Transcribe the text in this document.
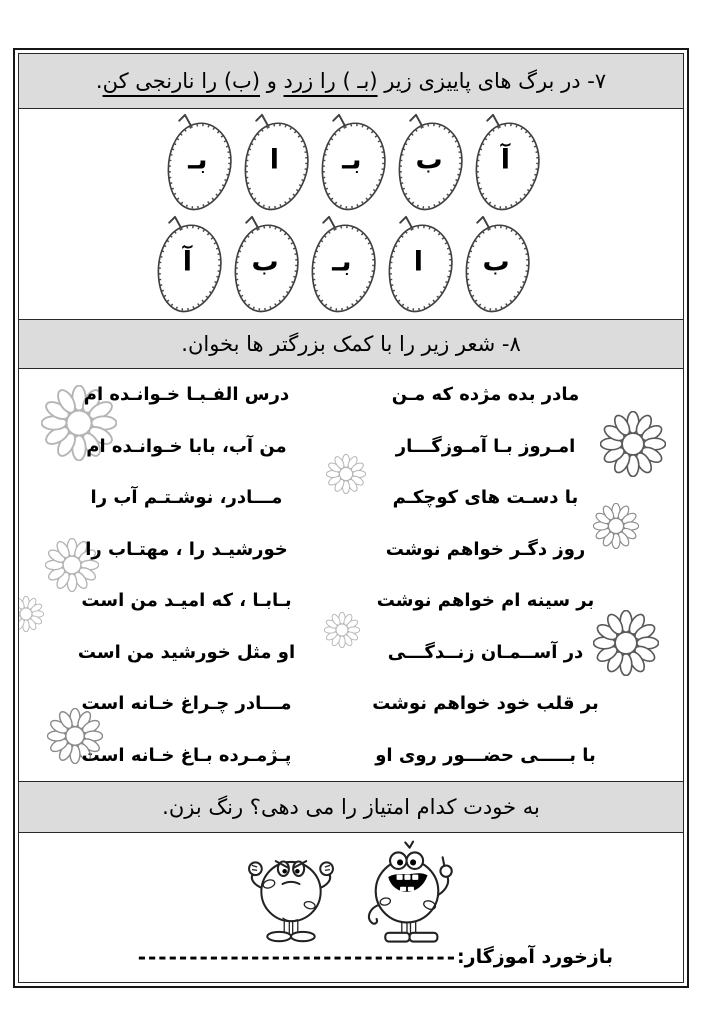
۷- در برگ های پاییزی زیر (بـ ) را زرد و (ب) را نارنجی کن.

آ
ب
بـ
ا
بـ
ب
ا
بـ
ب
آ
۸- شعر زیر را با کمک بزرگتر ها بخوان.
مادر بده مژده که مـن
درس الفـبـا خـوانـده ام
امـروز بـا آمـوزگـــار
من آب، بابا خـوانـده ام
با دسـت های کوچکـم
مـــادر، نوشـتـم آب را
روز دگـر خواهم نوشت
خورشیـد را ، مهتـاب را
بر سینه ام خواهم نوشت
بـابـا ، که امیـد من است
در آســمـان زنــدگـــی
او مثل خورشید من است
بر قلب خود خواهم نوشت
مـــادر چـراغ خـانه است
با بـــــی حضـــور روی او
پـژمـرده بـاغ خـانه است
به خودت کدام امتیاز را می دهی؟ رنگ بزن.
بازخورد آموزگار:
-------------------------------
